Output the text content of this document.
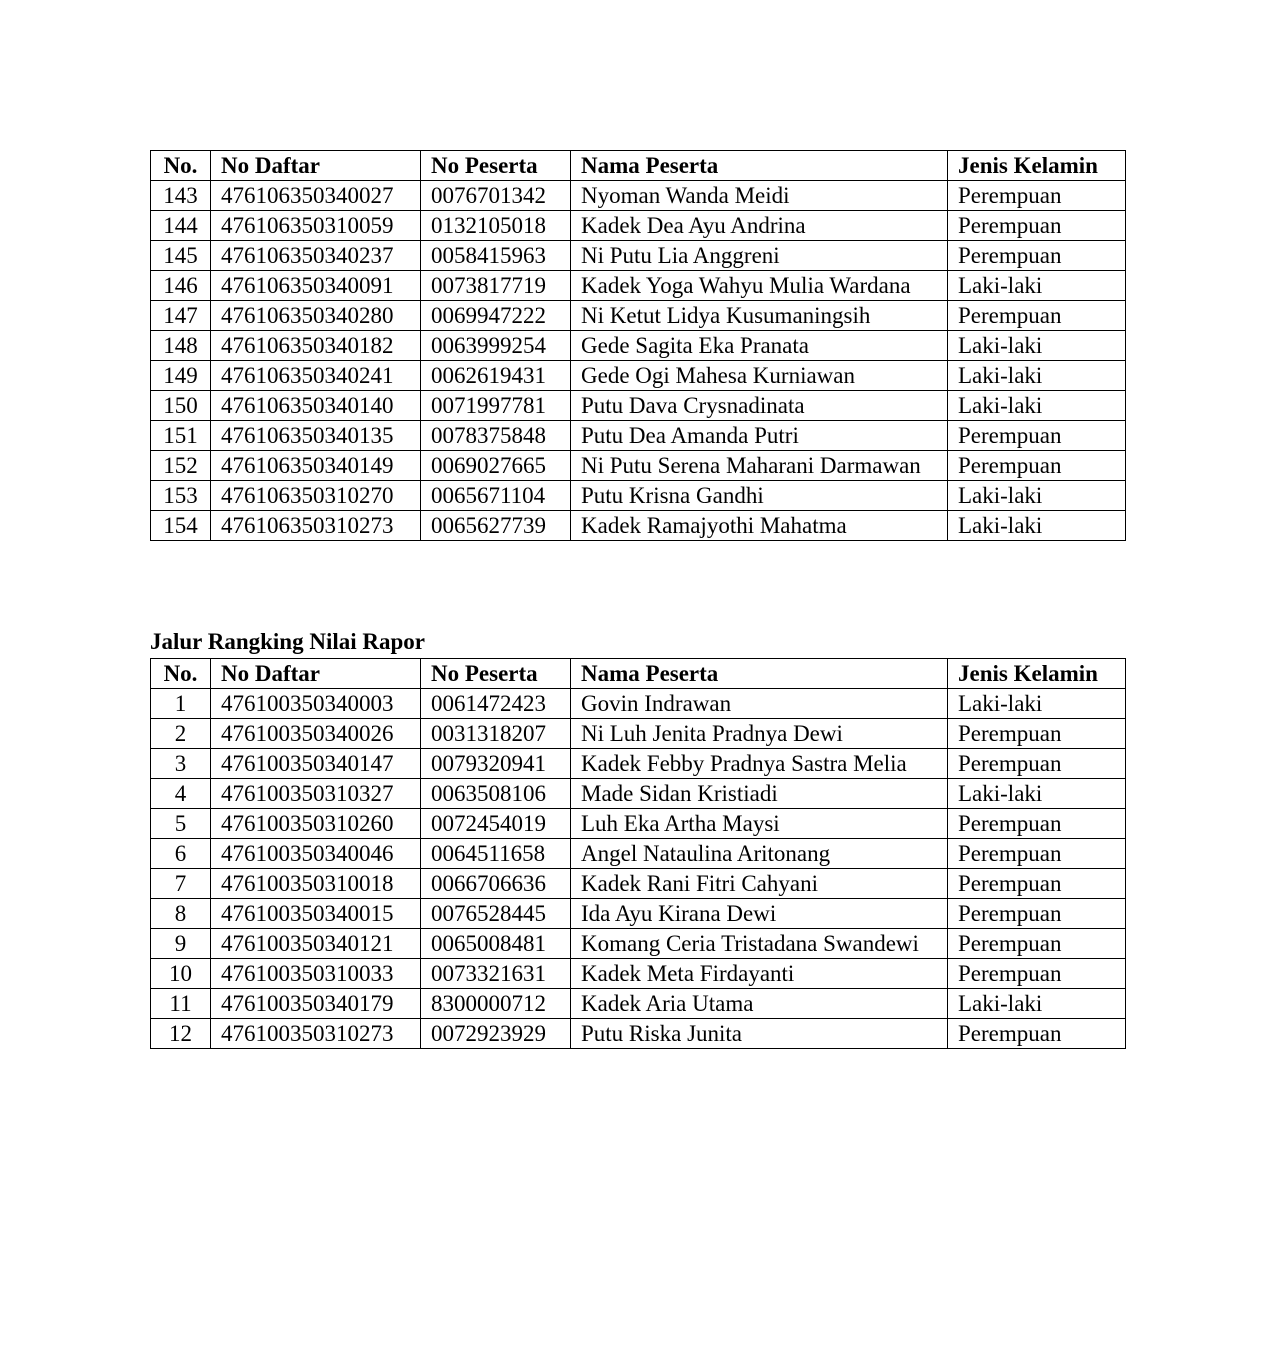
No.	No Daftar	No Peserta	Nama Peserta	Jenis Kelamin
143	476106350340027	0076701342	Nyoman Wanda Meidi	Perempuan
144	476106350310059	0132105018	Kadek Dea Ayu Andrina	Perempuan
145	476106350340237	0058415963	Ni Putu Lia Anggreni	Perempuan
146	476106350340091	0073817719	Kadek Yoga Wahyu Mulia Wardana	Laki-laki
147	476106350340280	0069947222	Ni Ketut Lidya Kusumaningsih	Perempuan
148	476106350340182	0063999254	Gede Sagita Eka Pranata	Laki-laki
149	476106350340241	0062619431	Gede Ogi Mahesa Kurniawan	Laki-laki
150	476106350340140	0071997781	Putu Dava Crysnadinata	Laki-laki
151	476106350340135	0078375848	Putu Dea Amanda Putri	Perempuan
152	476106350340149	0069027665	Ni Putu Serena Maharani Darmawan	Perempuan
153	476106350310270	0065671104	Putu Krisna Gandhi	Laki-laki
154	476106350310273	0065627739	Kadek Ramajyothi Mahatma	Laki-laki
Jalur Rangking Nilai Rapor
No.	No Daftar	No Peserta	Nama Peserta	Jenis Kelamin
1	476100350340003	0061472423	Govin Indrawan	Laki-laki
2	476100350340026	0031318207	Ni Luh Jenita Pradnya Dewi	Perempuan
3	476100350340147	0079320941	Kadek Febby Pradnya Sastra Melia	Perempuan
4	476100350310327	0063508106	Made Sidan Kristiadi	Laki-laki
5	476100350310260	0072454019	Luh Eka Artha Maysi	Perempuan
6	476100350340046	0064511658	Angel Nataulina Aritonang	Perempuan
7	476100350310018	0066706636	Kadek Rani Fitri Cahyani	Perempuan
8	476100350340015	0076528445	Ida Ayu Kirana Dewi	Perempuan
9	476100350340121	0065008481	Komang Ceria Tristadana Swandewi	Perempuan
10	476100350310033	0073321631	Kadek Meta Firdayanti	Perempuan
11	476100350340179	8300000712	Kadek Aria Utama	Laki-laki
12	476100350310273	0072923929	Putu Riska Junita	Perempuan
